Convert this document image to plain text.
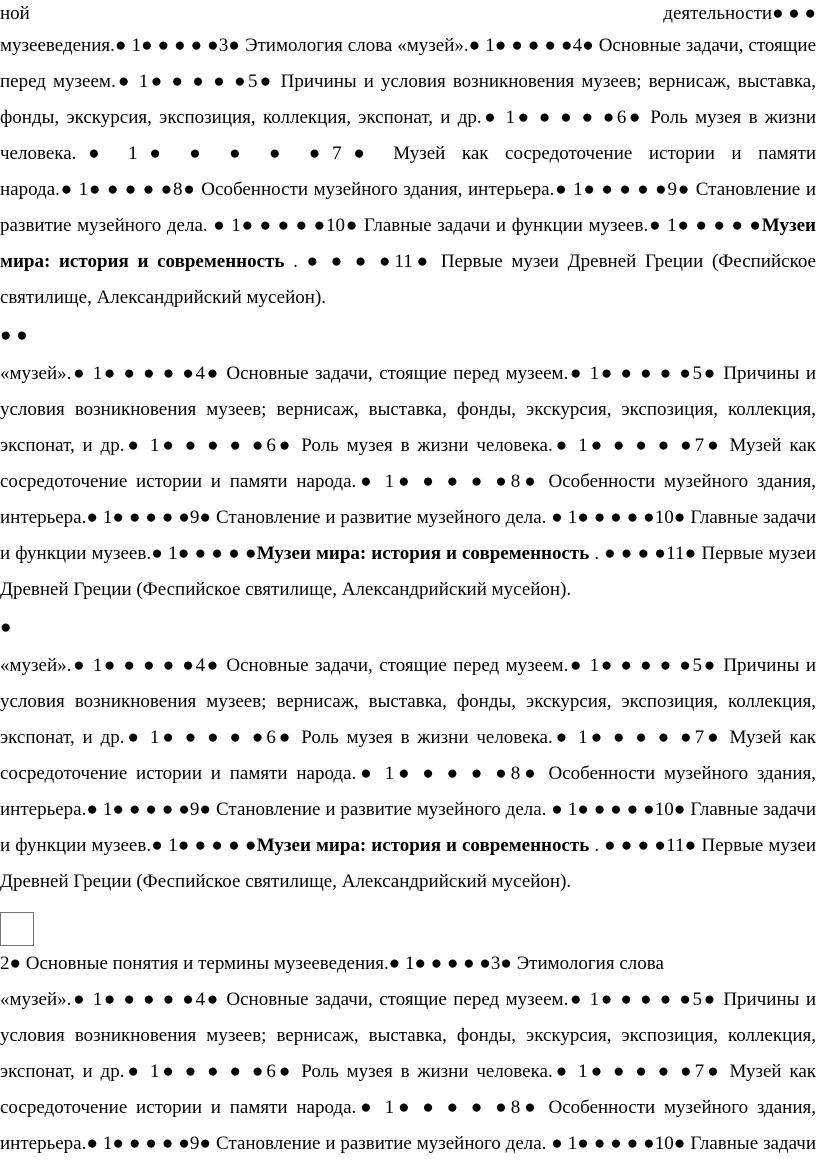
ной	деятельности● ● ●
музееведения.● 1● ● ● ● ●3● Этимология слова «музей».● 1● ● ● ● ●4● Основные задачи, стоящие
перед музеем.● 1● ● ● ● ●5● Причины и условия возникновения музеев; вернисаж, выставка,
фонды, экскурсия, экспозиция, коллекция, экспонат, и др.● 1● ● ● ● ●6● Роль музея в жизни
человека.● 1● ● ● ● ●7● Музей как сосредоточение истории и памяти
народа.● 1● ● ● ● ●8● Особенности музейного здания, интерьера.● 1● ● ● ● ●9● Становление и
развитие музейного дела. ● 1● ● ● ● ●10● Главные задачи и функции музеев.● 1● ● ● ● ●Музеи
мира: история и современность . ● ● ● ●11● Первые музеи Древней Греции (Феспийское
святилище, Александрийский мусейон).
● ●
«музей».● 1● ● ● ● ●4● Основные задачи, стоящие перед музеем.● 1● ● ● ● ●5● Причины и
условия возникновения музеев; вернисаж, выставка, фонды, экскурсия, экспозиция, коллекция,
экспонат, и др.● 1● ● ● ● ●6● Роль музея в жизни человека.● 1● ● ● ● ●7● Музей как
сосредоточение истории и памяти народа.● 1● ● ● ● ●8● Особенности музейного здания,
интерьера.● 1● ● ● ● ●9● Становление и развитие музейного дела. ● 1● ● ● ● ●10● Главные задачи
и функции музеев.● 1● ● ● ● ●Музеи мира: история и современность . ● ● ● ●11● Первые музеи
Древней Греции (Феспийское святилище, Александрийский мусейон).
●
«музей».● 1● ● ● ● ●4● Основные задачи, стоящие перед музеем.● 1● ● ● ● ●5● Причины и
условия возникновения музеев; вернисаж, выставка, фонды, экскурсия, экспозиция, коллекция,
экспонат, и др.● 1● ● ● ● ●6● Роль музея в жизни человека.● 1● ● ● ● ●7● Музей как
сосредоточение истории и памяти народа.● 1● ● ● ● ●8● Особенности музейного здания,
интерьера.● 1● ● ● ● ●9● Становление и развитие музейного дела. ● 1● ● ● ● ●10● Главные задачи
и функции музеев.● 1● ● ● ● ●Музеи мира: история и современность . ● ● ● ●11● Первые музеи
Древней Греции (Феспийское святилище, Александрийский мусейон).
2● Основные понятия и термины музееведения.● 1● ● ● ● ●3● Этимология слова
«музей».● 1● ● ● ● ●4● Основные задачи, стоящие перед музеем.● 1● ● ● ● ●5● Причины и
условия возникновения музеев; вернисаж, выставка, фонды, экскурсия, экспозиция, коллекция,
экспонат, и др.● 1● ● ● ● ●6● Роль музея в жизни человека.● 1● ● ● ● ●7● Музей как
сосредоточение истории и памяти народа.● 1● ● ● ● ●8● Особенности музейного здания,
интерьера.● 1● ● ● ● ●9● Становление и развитие музейного дела. ● 1● ● ● ● ●10● Главные задачи
